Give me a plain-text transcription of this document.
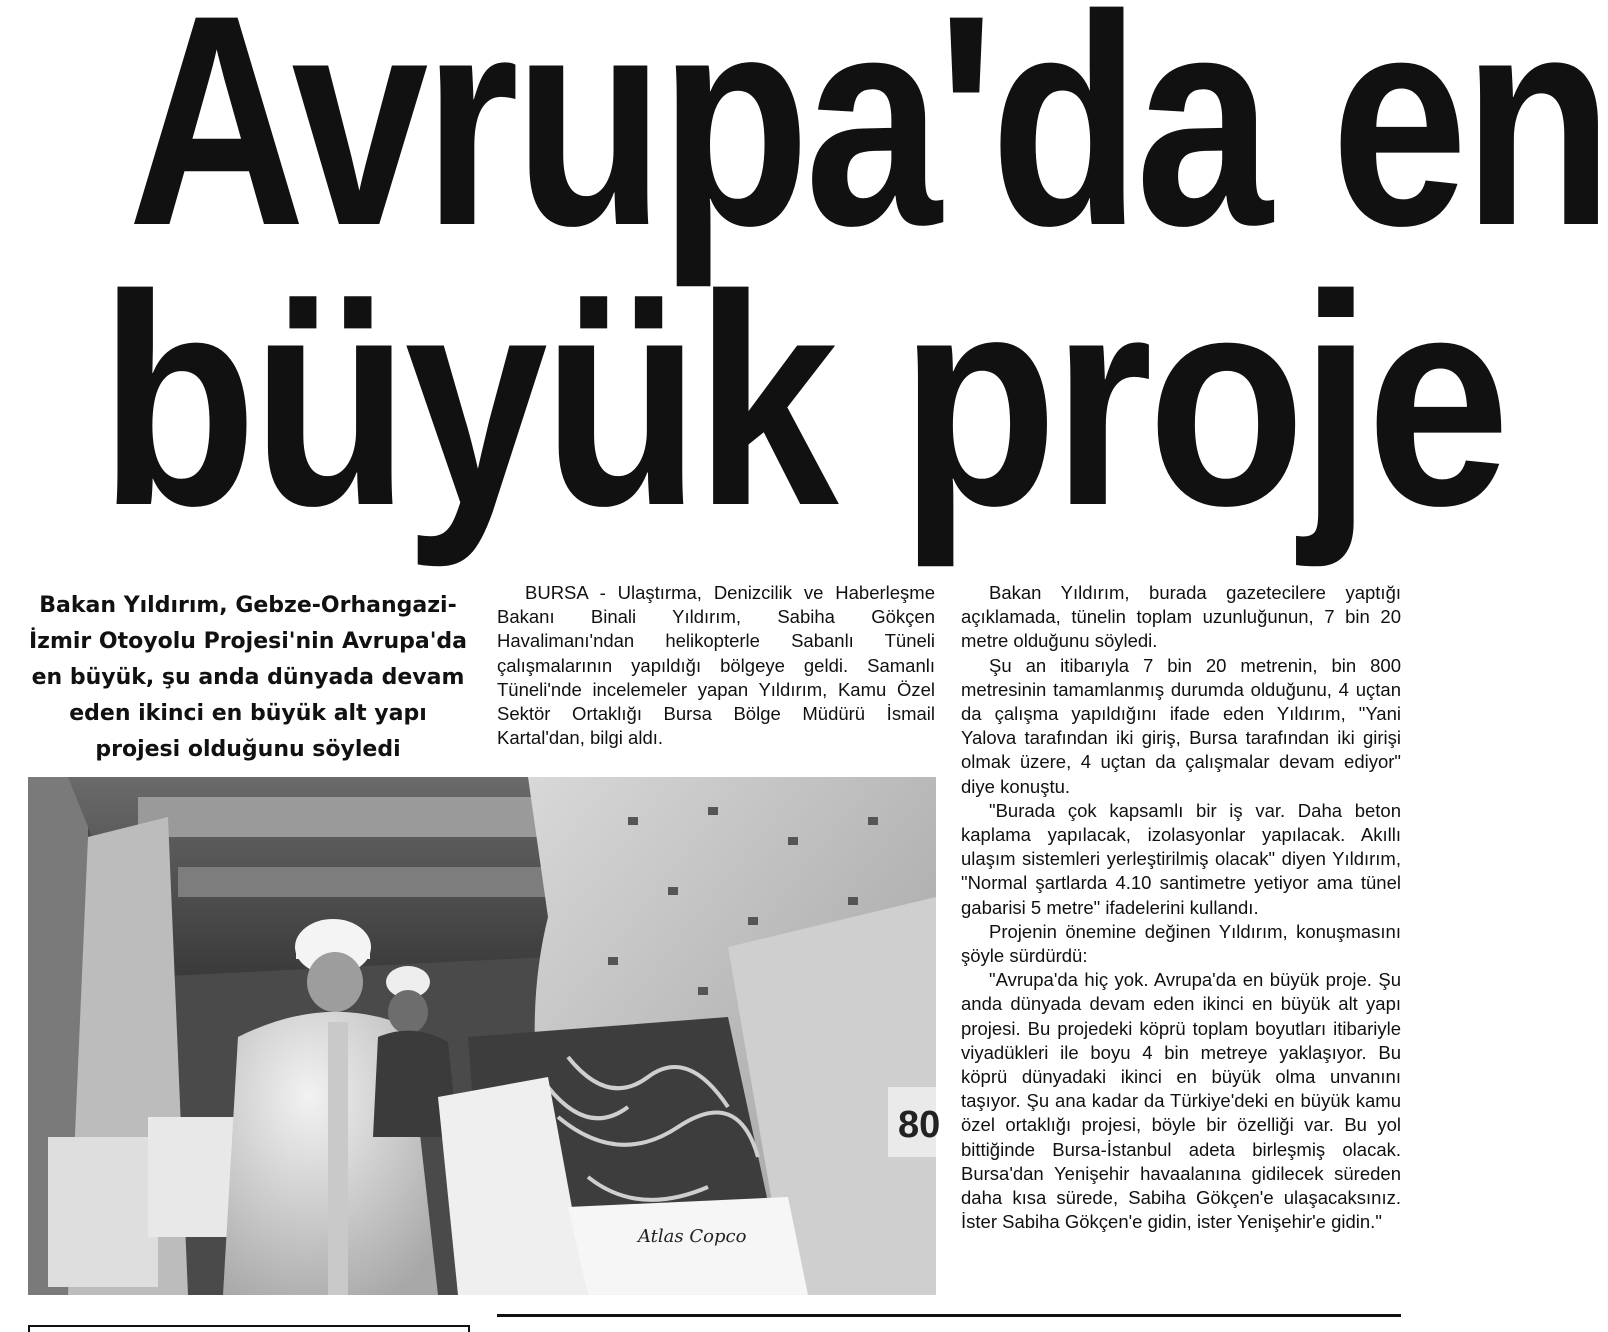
Avrupa'da en
büyük proje
Bakan Yıldırım, Gebze-Orhangazi-İzmir Otoyolu Projesi'nin Avrupa'da en büyük, şu anda dünyada devam eden ikinci en büyük alt yapı projesi olduğunu söyledi

BURSA - Ulaştırma, Denizcilik ve Haberleşme Bakanı Binali Yıldırım, Sabiha Gökçen Havalimanı'ndan helikopterle Sabanlı Tüneli çalışmalarının yapıldığı bölgeye geldi. Samanlı Tüneli'nde incelemeler yapan Yıldırım, Kamu Özel Sektör Ortaklığı Bursa Bölge Müdürü İsmail Kartal'dan, bilgi aldı.

Bakan Yıldırım, burada gazetecilere yaptığı açıklamada, tünelin toplam uzunluğunun, 7 bin 20 metre olduğunu söyledi.

Şu an itibarıyla 7 bin 20 metrenin, bin 800 metresinin tamamlanmış durumda olduğunu, 4 uçtan da çalışma yapıldığını ifade eden Yıldırım, "Yani Yalova tarafından iki giriş, Bursa tarafından iki girişi olmak üzere, 4 uçtan da çalışmalar devam ediyor" diye konuştu.

"Burada çok kapsamlı bir iş var. Daha beton kaplama yapılacak, izolasyonlar yapılacak. Akıllı ulaşım sistemleri yerleştirilmiş olacak" diyen Yıldırım, "Normal şartlarda 4.10 santimetre yetiyor ama tünel gabarisi 5 metre" ifadelerini kullandı.

Projenin önemine değinen Yıldırım, konuşmasını şöyle sürdürdü:

"Avrupa'da hiç yok. Avrupa'da en büyük proje. Şu anda dünyada devam eden ikinci en büyük alt yapı projesi. Bu projedeki köprü toplam boyutları itibariyle viyadükleri ile boyu 4 bin metreye yaklaşıyor. Bu köprü dünyadaki ikinci en büyük olma unvanını taşıyor. Şu ana kadar da Türkiye'deki en büyük kamu özel ortaklığı projesi, böyle bir özelliği var. Bu yol bittiğinde Bursa-İstanbul adeta birleşmiş olacak. Bursa'dan Yenişehir havaalanına gidilecek süreden daha kısa sürede, Sabiha Gökçen'e ulaşacaksınız. İster Sabiha Gökçen'e gidin, ister Yenişehir'e gidin."

80
Atlas Copco
